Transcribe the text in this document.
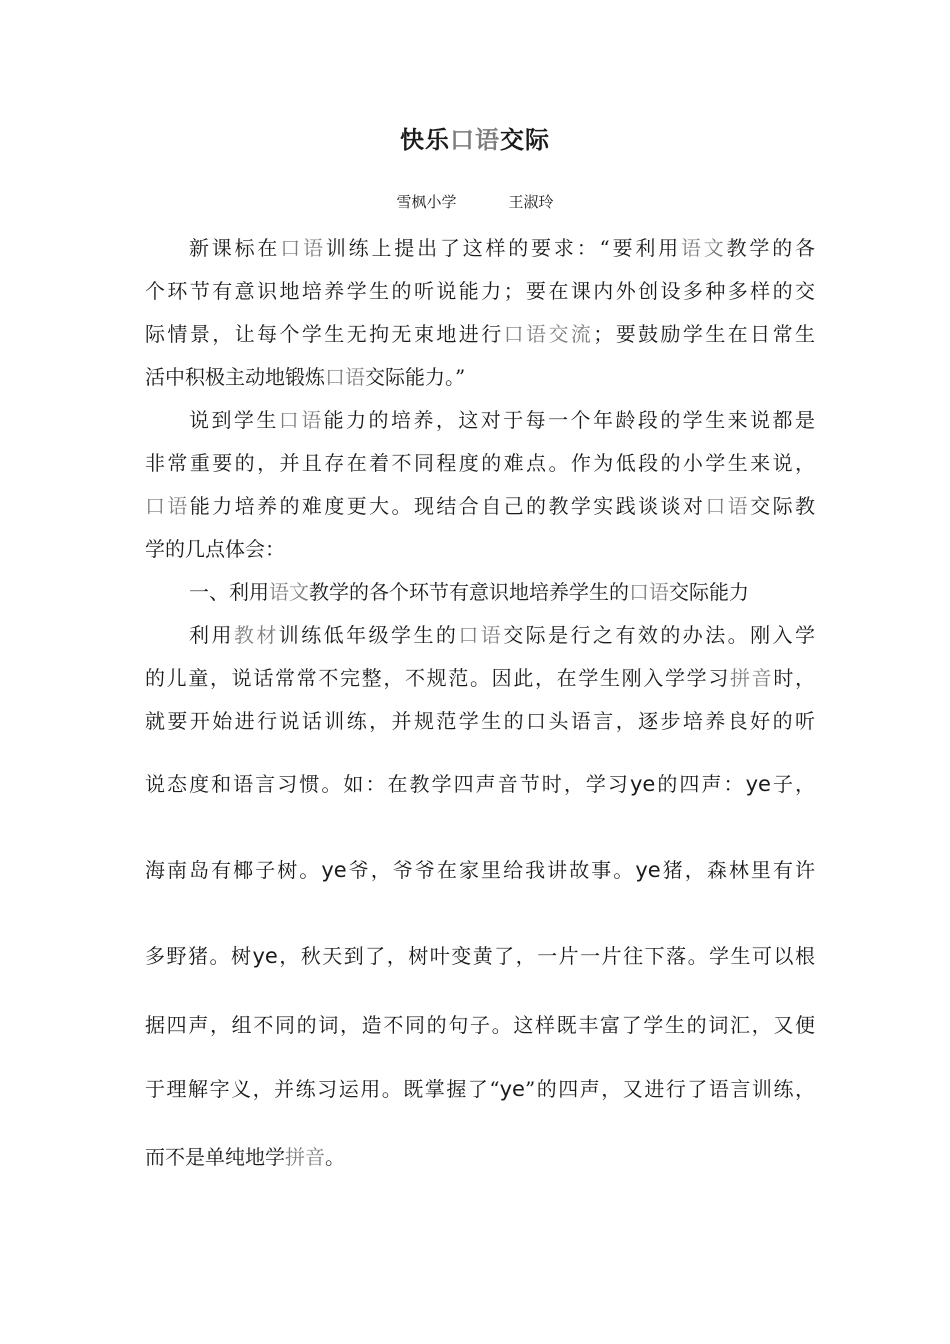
快乐口语交际
雪枫小学	王淑玲
新课标在口语训练上提出了这样的要求：“要利用语文教学的各
个环节有意识地培养学生的听说能力；要在课内外创设多种多样的交
际情景，让每个学生无拘无束地进行口语交流；要鼓励学生在日常生
活中积极主动地锻炼口语交际能力。”
说到学生口语能力的培养，这对于每一个年龄段的学生来说都是
非常重要的，并且存在着不同程度的难点。作为低段的小学生来说，
口语能力培养的难度更大。现结合自己的教学实践谈谈对口语交际教
学的几点体会：
一、利用语文教学的各个环节有意识地培养学生的口语交际能力
利用教材训练低年级学生的口语交际是行之有效的办法。刚入学
的儿童，说话常常不完整，不规范。因此，在学生刚入学学习拼音时，
就要开始进行说话训练，并规范学生的口头语言，逐步培养良好的听
说态度和语言习惯。如：在教学四声音节时，学习ye的四声：ye子，
海南岛有椰子树。ye爷，爷爷在家里给我讲故事。ye猪，森林里有许
多野猪。树ye，秋天到了，树叶变黄了，一片一片往下落。学生可以根
据四声，组不同的词，造不同的句子。这样既丰富了学生的词汇，又便
于理解字义，并练习运用。既掌握了“ye”的四声，又进行了语言训练，
而不是单纯地学拼音。
